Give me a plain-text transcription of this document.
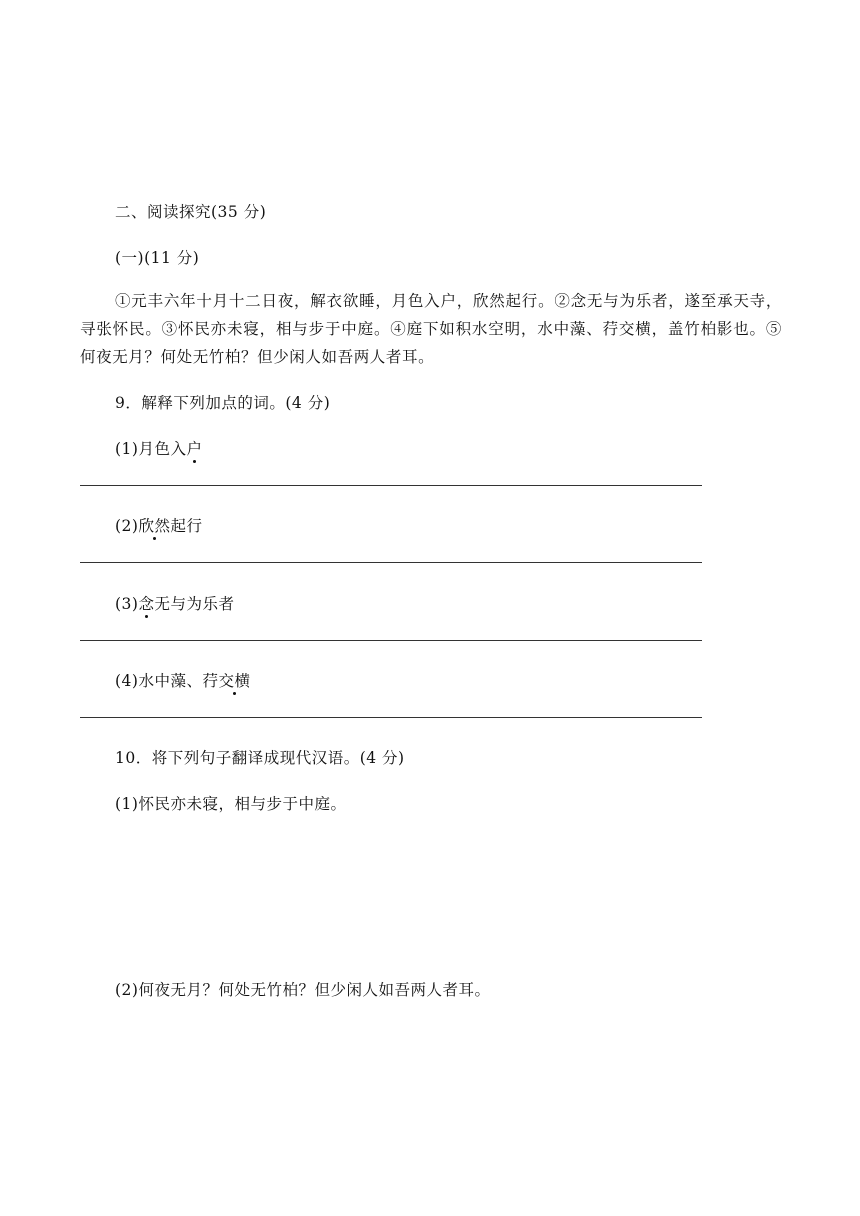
二、阅读探究(35 分)
(一)(11 分)
①元丰六年十月十二日夜，解衣欲睡，月色入户，欣然起行。②念无与为乐者，遂至承天寺，寻张怀民。③怀民亦未寝，相与步于中庭。④庭下如积水空明，水中藻、荇交横，盖竹柏影也。⑤何夜无月？何处无竹柏？但少闲人如吾两人者耳。
9．解释下列加点的词。(4 分)
(1)月色入户
(2)欣然起行
(3)念无与为乐者
(4)水中藻、荇交横
10．将下列句子翻译成现代汉语。(4 分)
(1)怀民亦未寝，相与步于中庭。
(2)何夜无月？何处无竹柏？但少闲人如吾两人者耳。
